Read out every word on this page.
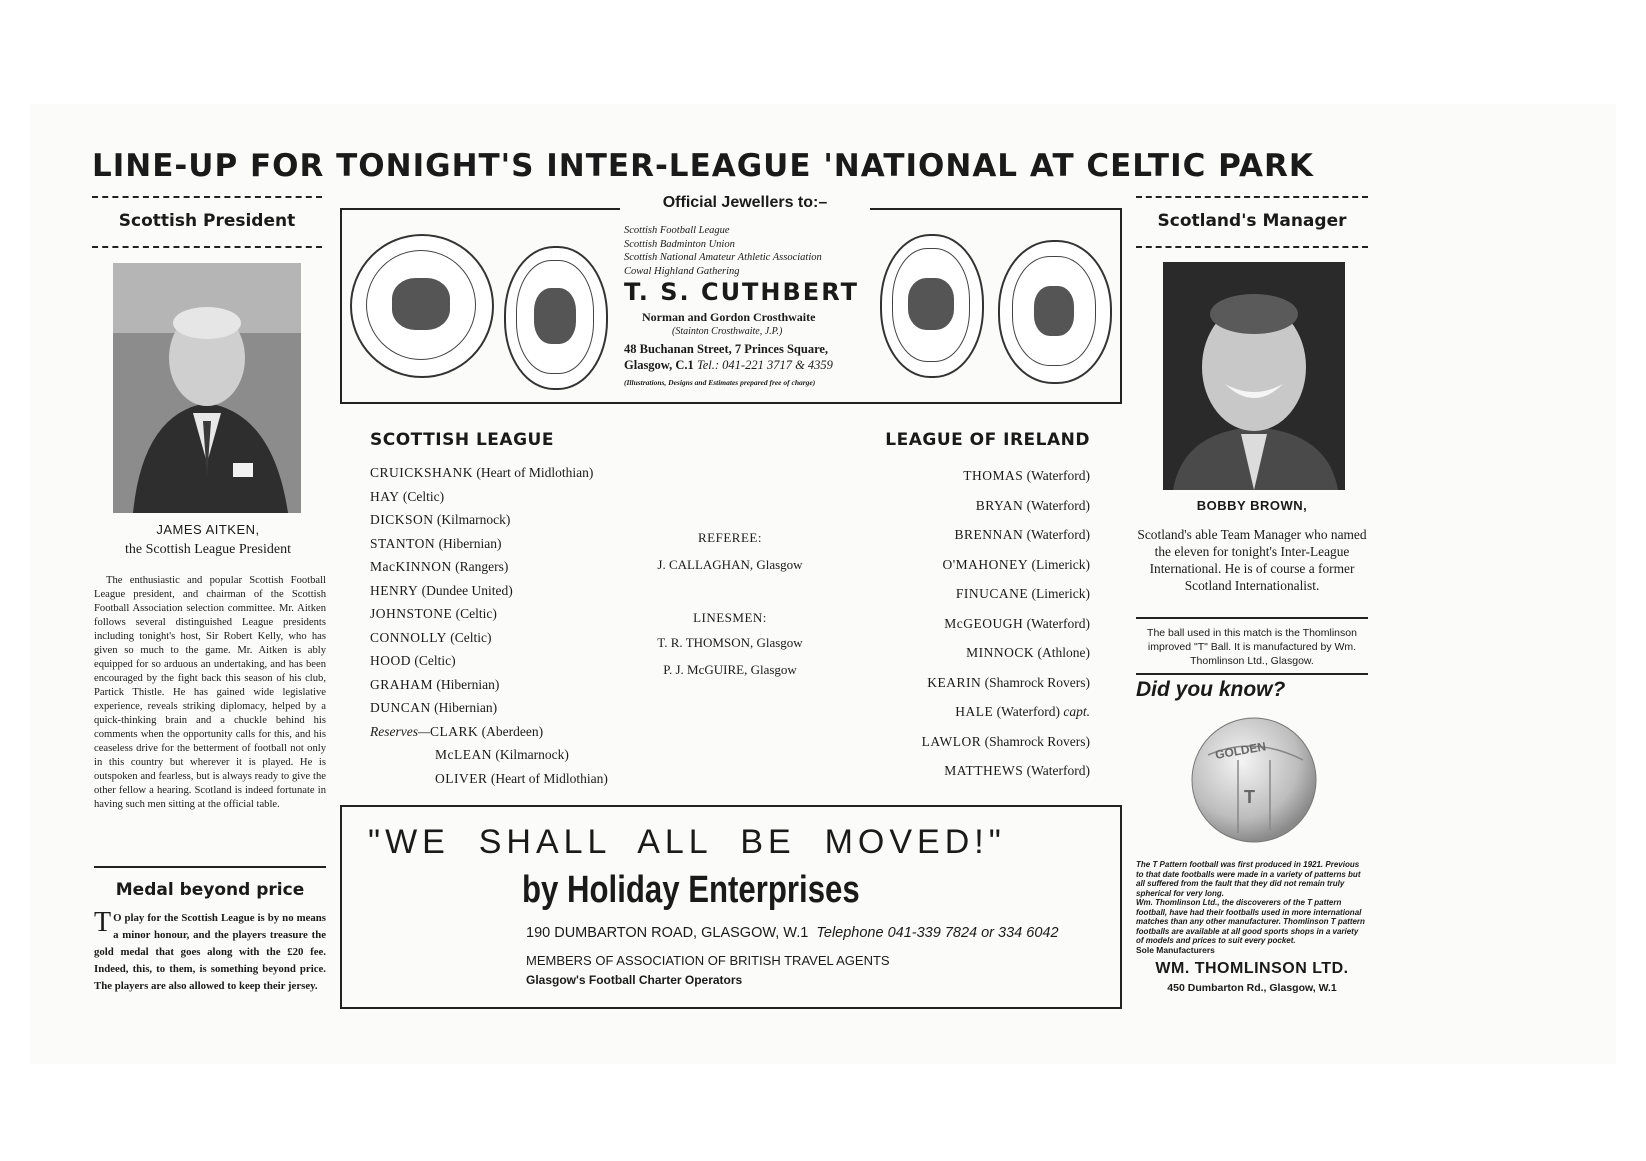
LINE-UP FOR TONIGHT'S INTER-LEAGUE 'NATIONAL AT CELTIC PARK
Scottish President
JAMES AITKEN,
the Scottish League President
The enthusiastic and popular Scottish Football League president, and chairman of the Scottish Football Association selection committee. Mr. Aitken follows several distinguished League presidents including tonight's host, Sir Robert Kelly, who has given so much to the game. Mr. Aitken is ably equipped for so arduous an undertaking, and has been encouraged by the fight back this season of his club, Partick Thistle. He has gained wide legislative experience, reveals striking diplomacy, helped by a quick-thinking brain and a chuckle behind his comments when the opportunity calls for this, and his ceaseless drive for the betterment of football not only in this country but wherever it is played. He is outspoken and fearless, but is always ready to give the other fellow a hearing. Scotland is indeed fortunate in having such men sitting at the official table.
Medal beyond price
T O play for the Scottish League is by no means a minor honour, and the players treasure the gold medal that goes along with the £20 fee. Indeed, this, to them, is something beyond price. The players are also allowed to keep their jersey.
Official Jewellers to:–
Scottish Football League
Scottish Badminton Union
Scottish National Amateur Athletic Association
Cowal Highland Gathering
T. S. CUTHBERT
Norman and Gordon Crosthwaite
(Stainton Crosthwaite, J.P.)
48 Buchanan Street, 7 Princes Square,
Glasgow, C.1 Tel.: 041-221 3717 & 4359
(Illustrations, Designs and Estimates prepared free of charge)
SCOTTISH LEAGUE
CRUICKSHANK (Heart of Midlothian)
HAY (Celtic)
DICKSON (Kilmarnock)
STANTON (Hibernian)
MacKINNON (Rangers)
HENRY (Dundee United)
JOHNSTONE (Celtic)
CONNOLLY (Celtic)
HOOD (Celtic)
GRAHAM (Hibernian)
DUNCAN (Hibernian)
Reserves—CLARK (Aberdeen)
McLEAN (Kilmarnock)
OLIVER (Heart of Midlothian)
REFEREE:
J. CALLAGHAN, Glasgow
LINESMEN:
T. R. THOMSON, Glasgow
P. J. McGUIRE, Glasgow
LEAGUE OF IRELAND
THOMAS (Waterford)
BRYAN (Waterford)
BRENNAN (Waterford)
O'MAHONEY (Limerick)
FINUCANE (Limerick)
McGEOUGH (Waterford)
MINNOCK (Athlone)
KEARIN (Shamrock Rovers)
HALE (Waterford) capt.
LAWLOR (Shamrock Rovers)
MATTHEWS (Waterford)
"WE  SHALL  ALL  BE  MOVED!"
by Holiday Enterprises
190 DUMBARTON ROAD, GLASGOW, W.1 Telephone 041-339 7824 or 334 6042
MEMBERS OF ASSOCIATION OF BRITISH TRAVEL AGENTS
Glasgow's Football Charter Operators
Scotland's Manager
BOBBY BROWN,
Scotland's able Team Manager who named the eleven for tonight's Inter-League International. He is of course a former Scotland Internationalist.
The ball used in this match is the Thomlinson improved "T" Ball. It is manufactured by Wm. Thomlinson Ltd., Glasgow.
Did you know?
GOLDEN
T
The T Pattern football was first produced in 1921. Previous to that date footballs were made in a variety of patterns but all suffered from the fault that they did not remain truly spherical for very long.
Wm. Thomlinson Ltd., the discoverers of the T pattern football, have had their footballs used in more international matches than any other manufacturer. Thomlinson T pattern footballs are available at all good sports shops in a variety of models and prices to suit every pocket.
Sole Manufacturers
WM. THOMLINSON LTD.
450 Dumbarton Rd., Glasgow, W.1
